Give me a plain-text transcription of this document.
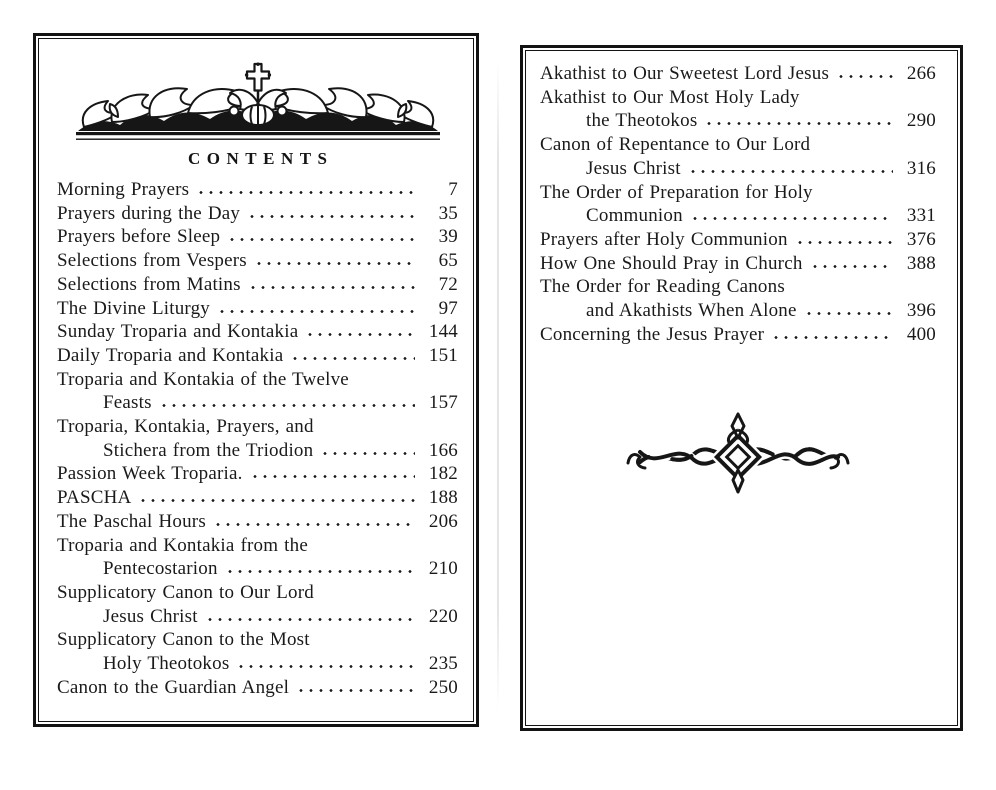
CONTENTS
Morning Prayers	7
Prayers during the Day	35
Prayers before Sleep	39
Selections from Vespers	65
Selections from Matins	72
The Divine Liturgy	97
Sunday Troparia and Kontakia	144
Daily Troparia and Kontakia	151
Troparia and Kontakia of the Twelve
Feasts	157
Troparia, Kontakia, Prayers, and
Stichera from the Triodion	166
Passion Week Troparia.	182
PASCHA	188
The Paschal Hours	206
Troparia and Kontakia from the
Pentecostarion	210
Supplicatory Canon to Our Lord
Jesus Christ	220
Supplicatory Canon to the Most
Holy Theotokos	235
Canon to the Guardian Angel	250
Akathist to Our Sweetest Lord Jesus	266
Akathist to Our Most Holy Lady
the Theotokos	290
Canon of Repentance to Our Lord
Jesus Christ	316
The Order of Preparation for Holy
Communion	331
Prayers after Holy Communion	376
How One Should Pray in Church	388
The Order for Reading Canons
and Akathists When Alone	396
Concerning the Jesus Prayer	400
